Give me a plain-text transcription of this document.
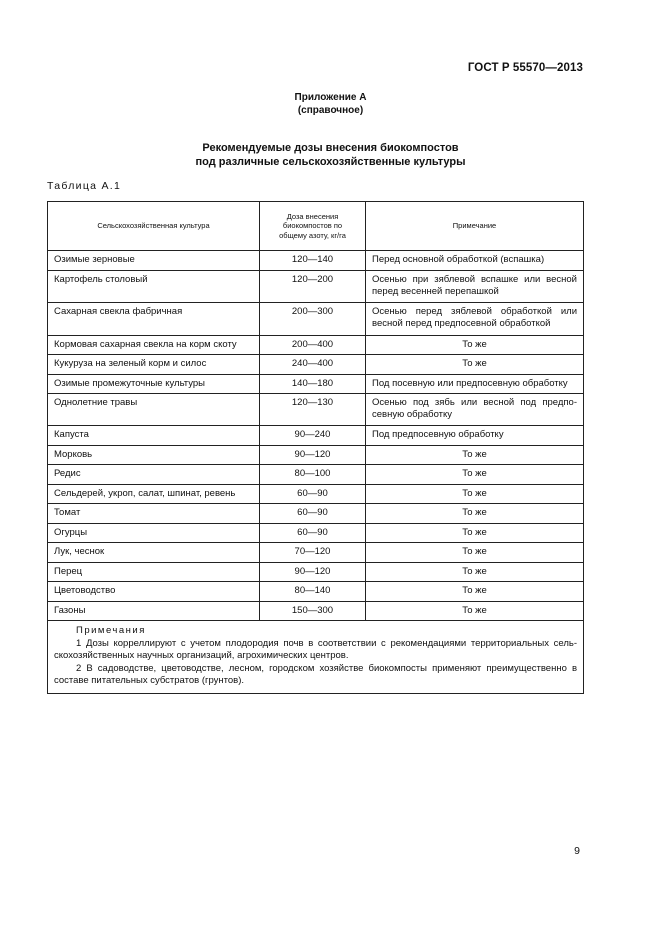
ГОСТ Р 55570—2013
Приложение А
(справочное)
Рекомендуемые дозы внесения биокомпостов
под различные сельскохозяйственные культуры
Таблица А.1
Сельскохозяйственная культура	Доза внесения биокомпостов по общему азоту, кг/га	Примечание
Озимые зерновые	120—140	Перед основной обработкой (вспашка)
Картофель столовый	120—200	Осенью при зяблевой вспашке или весной перед весенней перепашкой
Сахарная свекла фабричная	200—300	Осенью перед зяблевой обработкой или весной перед предпосевной обработкой
Кормовая сахарная свекла на корм скоту	200—400	То же
Кукуруза на зеленый корм и силос	240—400	То же
Озимые промежуточные культуры	140—180	Под посевную или предпосевную обработку
Однолетние травы	120—130	Осенью под зябь или весной под предпо-севную обработку
Капуста	90—240	Под предпосевную обработку
Морковь	90—120	То же
Редис	80—100	То же
Сельдерей, укроп, салат, шпинат, ревень	60—90	То же
Томат	60—90	То же
Огурцы	60—90	То же
Лук, чеснок	70—120	То же
Перец	90—120	То же
Цветоводство	80—140	То же
Газоны	150—300	То же

Примечания
1 Дозы корреллируют с учетом плодородия почв в соответствии с рекомендациями территориальных сель-скохозяйственных научных организаций, агрохимических центров.
2 В садоводстве, цветоводстве, лесном, городском хозяйстве биокомпосты применяют преимущественно в составе питательных субстратов (грунтов).		
9
